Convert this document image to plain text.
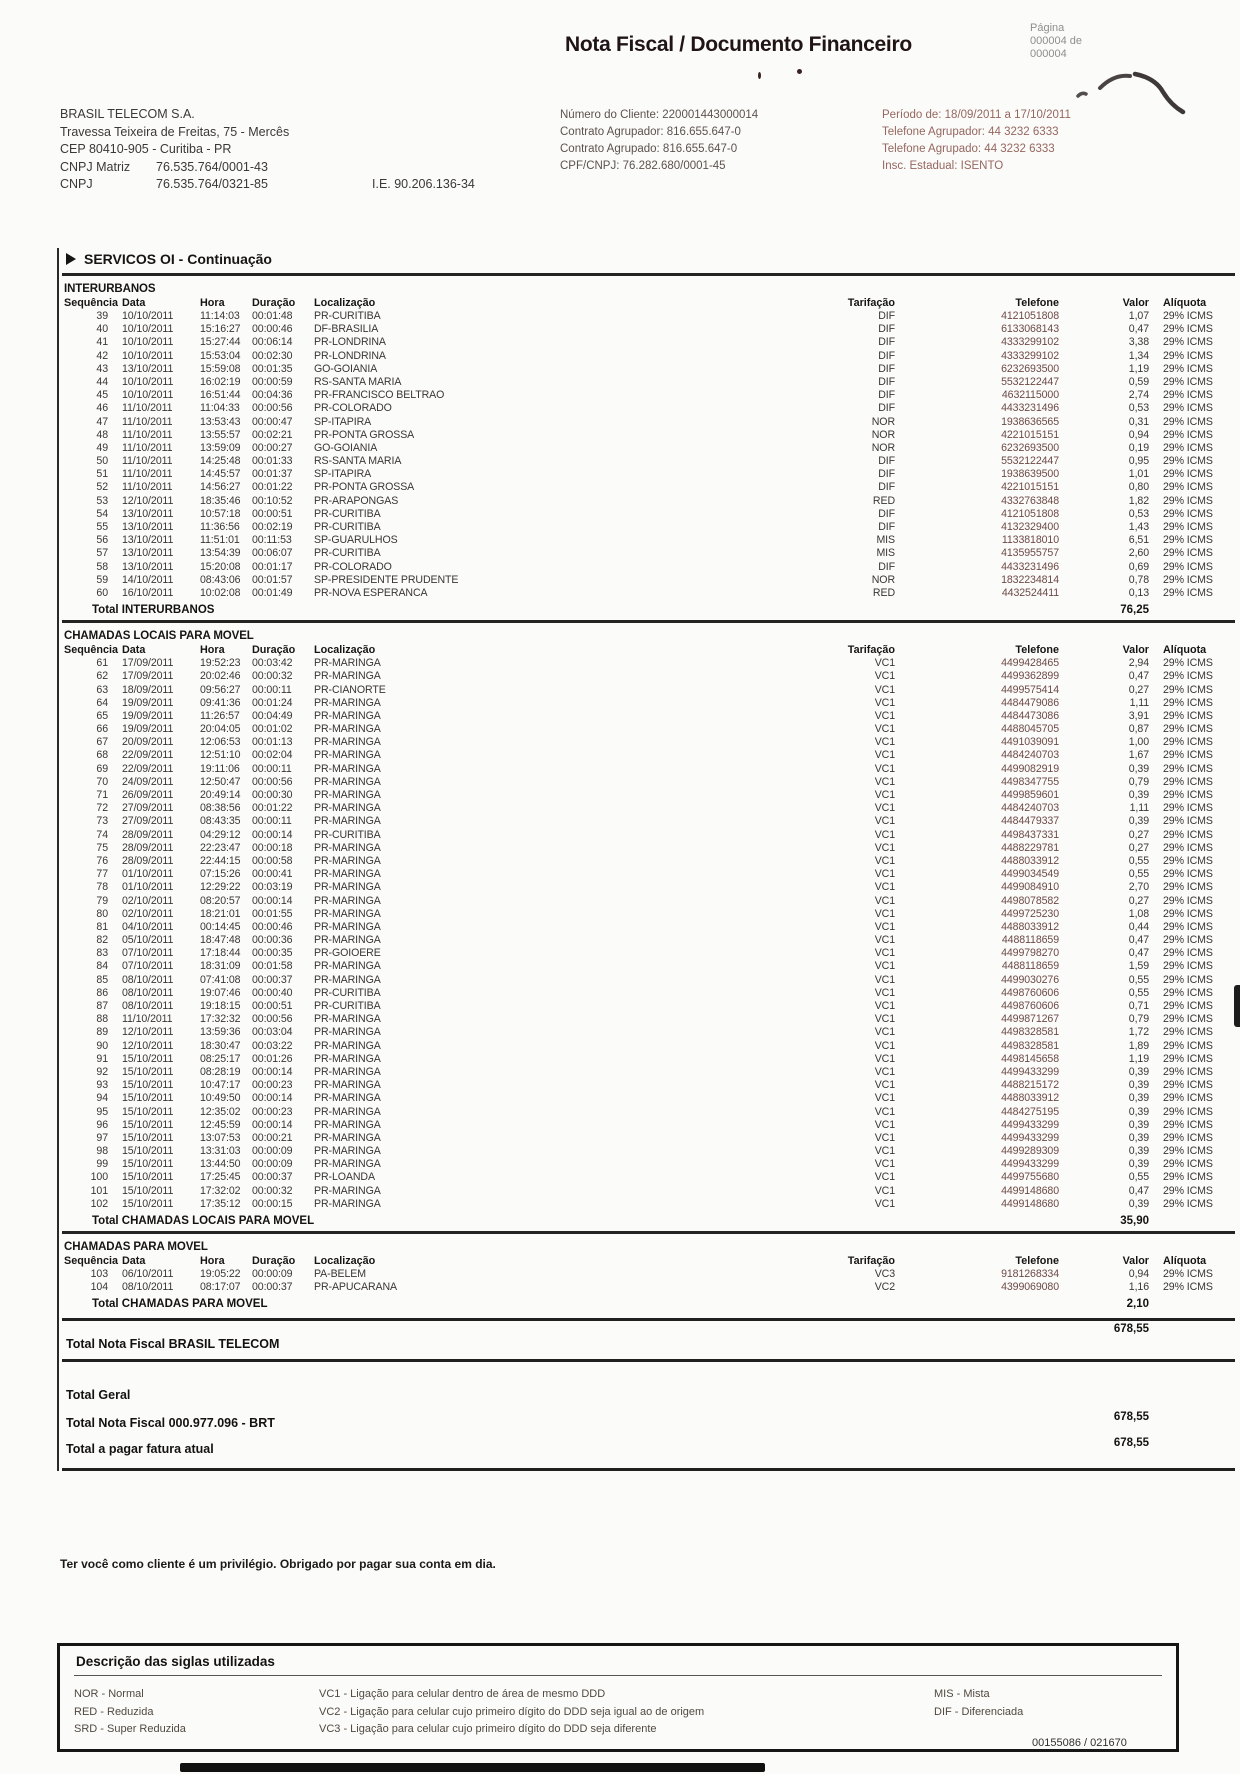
Nota Fiscal / Documento Financeiro
Página
000004 de
000004
BRASIL TELECOM S.A.
Travessa Teixeira de Freitas, 75 - Mercês
CEP 80410-905 - Curitiba - PR
CNPJ Matriz	76.535.764/0001-43
CNPJ	76.535.764/0321-85	I.E. 90.206.136-34
Número do Cliente: 220001443000014
Contrato Agrupador: 816.655.647-0
Contrato Agrupado: 816.655.647-0
CPF/CNPJ: 76.282.680/0001-45
Período de: 18/09/2011 a 17/10/2011
Telefone Agrupador: 44 3232 6333
Telefone Agrupado: 44 3232 6333
Insc. Estadual: ISENTO
SERVICOS OI - Continuação
INTERURBANOS
Sequência Data	Hora	Duração	Localização	Tarifação	Telefone	Valor	Alíquota
39	10/10/2011	11:14:03	00:01:48	PR-CURITIBA	DIF	4121051808	1,07	29% ICMS
40	10/10/2011	15:16:27	00:00:46	DF-BRASILIA	DIF	6133068143	0,47	29% ICMS
41	10/10/2011	15:27:44	00:06:14	PR-LONDRINA	DIF	4333299102	3,38	29% ICMS
42	10/10/2011	15:53:04	00:02:30	PR-LONDRINA	DIF	4333299102	1,34	29% ICMS
43	13/10/2011	15:59:08	00:01:35	GO-GOIANIA	DIF	6232693500	1,19	29% ICMS
44	10/10/2011	16:02:19	00:00:59	RS-SANTA MARIA	DIF	5532122447	0,59	29% ICMS
45	10/10/2011	16:51:44	00:04:36	PR-FRANCISCO BELTRAO	DIF	4632115000	2,74	29% ICMS
46	11/10/2011	11:04:33	00:00:56	PR-COLORADO	DIF	4433231496	0,53	29% ICMS
47	11/10/2011	13:53:43	00:00:47	SP-ITAPIRA	NOR	1938636565	0,31	29% ICMS
48	11/10/2011	13:55:57	00:02:21	PR-PONTA GROSSA	NOR	4221015151	0,94	29% ICMS
49	11/10/2011	13:59:09	00:00:27	GO-GOIANIA	NOR	6232693500	0,19	29% ICMS
50	11/10/2011	14:25:48	00:01:33	RS-SANTA MARIA	DIF	5532122447	0,95	29% ICMS
51	11/10/2011	14:45:57	00:01:37	SP-ITAPIRA	DIF	1938639500	1,01	29% ICMS
52	11/10/2011	14:56:27	00:01:22	PR-PONTA GROSSA	DIF	4221015151	0,80	29% ICMS
53	12/10/2011	18:35:46	00:10:52	PR-ARAPONGAS	RED	4332763848	1,82	29% ICMS
54	13/10/2011	10:57:18	00:00:51	PR-CURITIBA	DIF	4121051808	0,53	29% ICMS
55	13/10/2011	11:36:56	00:02:19	PR-CURITIBA	DIF	4132329400	1,43	29% ICMS
56	13/10/2011	11:51:01	00:11:53	SP-GUARULHOS	MIS	1133818010	6,51	29% ICMS
57	13/10/2011	13:54:39	00:06:07	PR-CURITIBA	MIS	4135955757	2,60	29% ICMS
58	13/10/2011	15:20:08	00:01:17	PR-COLORADO	DIF	4433231496	0,69	29% ICMS
59	14/10/2011	08:43:06	00:01:57	SP-PRESIDENTE PRUDENTE	NOR	1832234814	0,78	29% ICMS
60	16/10/2011	10:02:08	00:01:49	PR-NOVA ESPERANCA	RED	4432524411	0,13	29% ICMS
Total INTERURBANOS	76,25
CHAMADAS LOCAIS PARA MOVEL
Sequência Data	Hora	Duração	Localização	Tarifação	Telefone	Valor	Alíquota
61	17/09/2011	19:52:23	00:03:42	PR-MARINGA	VC1	4499428465	2,94	29% ICMS
62	17/09/2011	20:02:46	00:00:32	PR-MARINGA	VC1	4499362899	0,47	29% ICMS
63	18/09/2011	09:56:27	00:00:11	PR-CIANORTE	VC1	4499575414	0,27	29% ICMS
64	19/09/2011	09:41:36	00:01:24	PR-MARINGA	VC1	4484479086	1,11	29% ICMS
65	19/09/2011	11:26:57	00:04:49	PR-MARINGA	VC1	4484473086	3,91	29% ICMS
66	19/09/2011	20:04:05	00:01:02	PR-MARINGA	VC1	4488045705	0,87	29% ICMS
67	20/09/2011	12:06:53	00:01:13	PR-MARINGA	VC1	4491039091	1,00	29% ICMS
68	22/09/2011	12:51:10	00:02:04	PR-MARINGA	VC1	4484240703	1,67	29% ICMS
69	22/09/2011	19:11:06	00:00:11	PR-MARINGA	VC1	4499082919	0,39	29% ICMS
70	24/09/2011	12:50:47	00:00:56	PR-MARINGA	VC1	4498347755	0,79	29% ICMS
71	26/09/2011	20:49:14	00:00:30	PR-MARINGA	VC1	4499859601	0,39	29% ICMS
72	27/09/2011	08:38:56	00:01:22	PR-MARINGA	VC1	4484240703	1,11	29% ICMS
73	27/09/2011	08:43:35	00:00:11	PR-MARINGA	VC1	4484479337	0,39	29% ICMS
74	28/09/2011	04:29:12	00:00:14	PR-CURITIBA	VC1	4498437331	0,27	29% ICMS
75	28/09/2011	22:23:47	00:00:18	PR-MARINGA	VC1	4488229781	0,27	29% ICMS
76	28/09/2011	22:44:15	00:00:58	PR-MARINGA	VC1	4488033912	0,55	29% ICMS
77	01/10/2011	07:15:26	00:00:41	PR-MARINGA	VC1	4499034549	0,55	29% ICMS
78	01/10/2011	12:29:22	00:03:19	PR-MARINGA	VC1	4499084910	2,70	29% ICMS
79	02/10/2011	08:20:57	00:00:14	PR-MARINGA	VC1	4498078582	0,27	29% ICMS
80	02/10/2011	18:21:01	00:01:55	PR-MARINGA	VC1	4499725230	1,08	29% ICMS
81	04/10/2011	00:14:45	00:00:46	PR-MARINGA	VC1	4488033912	0,44	29% ICMS
82	05/10/2011	18:47:48	00:00:36	PR-MARINGA	VC1	4488118659	0,47	29% ICMS
83	07/10/2011	17:18:44	00:00:35	PR-GOIOERE	VC1	4499798270	0,47	29% ICMS
84	07/10/2011	18:31:09	00:01:58	PR-MARINGA	VC1	4488118659	1,59	29% ICMS
85	08/10/2011	07:41:08	00:00:37	PR-MARINGA	VC1	4499030276	0,55	29% ICMS
86	08/10/2011	19:07:46	00:00:40	PR-CURITIBA	VC1	4498760606	0,55	29% ICMS
87	08/10/2011	19:18:15	00:00:51	PR-CURITIBA	VC1	4498760606	0,71	29% ICMS
88	11/10/2011	17:32:32	00:00:56	PR-MARINGA	VC1	4499871267	0,79	29% ICMS
89	12/10/2011	13:59:36	00:03:04	PR-MARINGA	VC1	4498328581	1,72	29% ICMS
90	12/10/2011	18:30:47	00:03:22	PR-MARINGA	VC1	4498328581	1,89	29% ICMS
91	15/10/2011	08:25:17	00:01:26	PR-MARINGA	VC1	4498145658	1,19	29% ICMS
92	15/10/2011	08:28:19	00:00:14	PR-MARINGA	VC1	4499433299	0,39	29% ICMS
93	15/10/2011	10:47:17	00:00:23	PR-MARINGA	VC1	4488215172	0,39	29% ICMS
94	15/10/2011	10:49:50	00:00:14	PR-MARINGA	VC1	4488033912	0,39	29% ICMS
95	15/10/2011	12:35:02	00:00:23	PR-MARINGA	VC1	4484275195	0,39	29% ICMS
96	15/10/2011	12:45:59	00:00:14	PR-MARINGA	VC1	4499433299	0,39	29% ICMS
97	15/10/2011	13:07:53	00:00:21	PR-MARINGA	VC1	4499433299	0,39	29% ICMS
98	15/10/2011	13:31:03	00:00:09	PR-MARINGA	VC1	4499289309	0,39	29% ICMS
99	15/10/2011	13:44:50	00:00:09	PR-MARINGA	VC1	4499433299	0,39	29% ICMS
100	15/10/2011	17:25:45	00:00:37	PR-LOANDA	VC1	4499755680	0,55	29% ICMS
101	15/10/2011	17:32:02	00:00:32	PR-MARINGA	VC1	4499148680	0,47	29% ICMS
102	15/10/2011	17:35:12	00:00:15	PR-MARINGA	VC1	4499148680	0,39	29% ICMS
Total CHAMADAS LOCAIS PARA MOVEL	35,90
CHAMADAS PARA MOVEL
Sequência Data	Hora	Duração	Localização	Tarifação	Telefone	Valor	Alíquota
103	06/10/2011	19:05:22	00:00:09	PA-BELEM	VC3	9181268334	0,94	29% ICMS
104	08/10/2011	08:17:07	00:00:37	PR-APUCARANA	VC2	4399069080	1,16	29% ICMS
Total CHAMADAS PARA MOVEL	2,10
678,55
Total Nota Fiscal BRASIL TELECOM
Total Geral
Total Nota Fiscal 000.977.096 - BRT	678,55
Total a pagar fatura atual	678,55
Ter você como cliente é um privilégio. Obrigado por pagar sua conta em dia.
Descrição das siglas utilizadas
NOR - Normal
RED - Reduzida
SRD - Super Reduzida
VC1 - Ligação para celular dentro de área de mesmo DDD
VC2 - Ligação para celular cujo primeiro dígito do DDD seja igual ao de origem
VC3 - Ligação para celular cujo primeiro dígito do DDD seja diferente
MIS - Mista
DIF - Diferenciada
00155086 / 021670
